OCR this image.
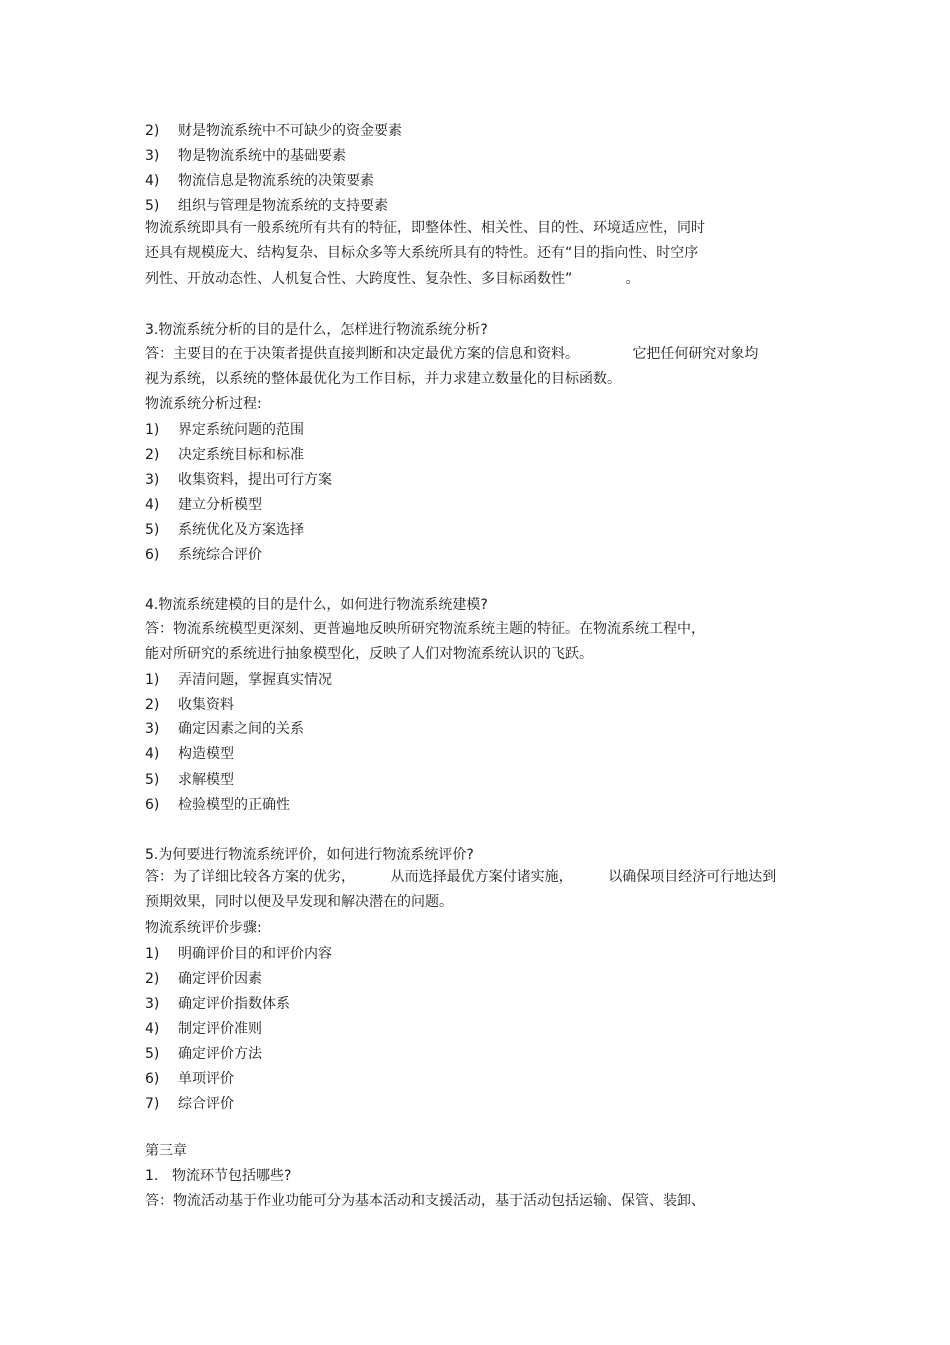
2) 财是物流系统中不可缺少的资金要素
3) 物是物流系统中的基础要素
4) 物流信息是物流系统的决策要素
5) 组织与管理是物流系统的支持要素
物流系统即具有一般系统所有共有的特征，即整体性、相关性、目的性、环境适应性，同时
还具有规模庞大、结构复杂、目标众多等大系统所具有的特性。还有“目的指向性、时空序
列性、开放动态性、人机复合性、大跨度性、复杂性、多目标函数性”            。
3.物流系统分析的目的是什么，怎样进行物流系统分析?
答：主要目的在于决策者提供直接判断和决定最优方案的信息和资料。            它把任何研究对象均
视为系统，以系统的整体最优化为工作目标，并力求建立数量化的目标函数。
物流系统分析过程:
1) 界定系统问题的范围
2) 决定系统目标和标准
3) 收集资料，提出可行方案
4) 建立分析模型
5) 系统优化及方案选择
6) 系统综合评价
4.物流系统建模的目的是什么，如何进行物流系统建模?
答：物流系统模型更深刻、更普遍地反映所研究物流系统主题的特征。在物流系统工程中，
能对所研究的系统进行抽象模型化，反映了人们对物流系统认识的飞跃。
1) 弄清问题，掌握真实情况
2) 收集资料
3) 确定因素之间的关系
4) 构造模型
5) 求解模型
6) 检验模型的正确性
5.为何要进行物流系统评价，如何进行物流系统评价?
答：为了详细比较各方案的优劣，        从而选择最优方案付诸实施，        以确保项目经济可行地达到
预期效果，同时以便及早发现和解决潜在的问题。
物流系统评价步骤:
1) 明确评价目的和评价内容
2) 确定评价因素
3) 确定评价指数体系
4) 制定评价准则
5) 确定评价方法
6) 单项评价
7) 综合评价
第三章
1. 物流环节包括哪些?
答：物流活动基于作业功能可分为基本活动和支援活动，基于活动包括运输、保管、装卸、
